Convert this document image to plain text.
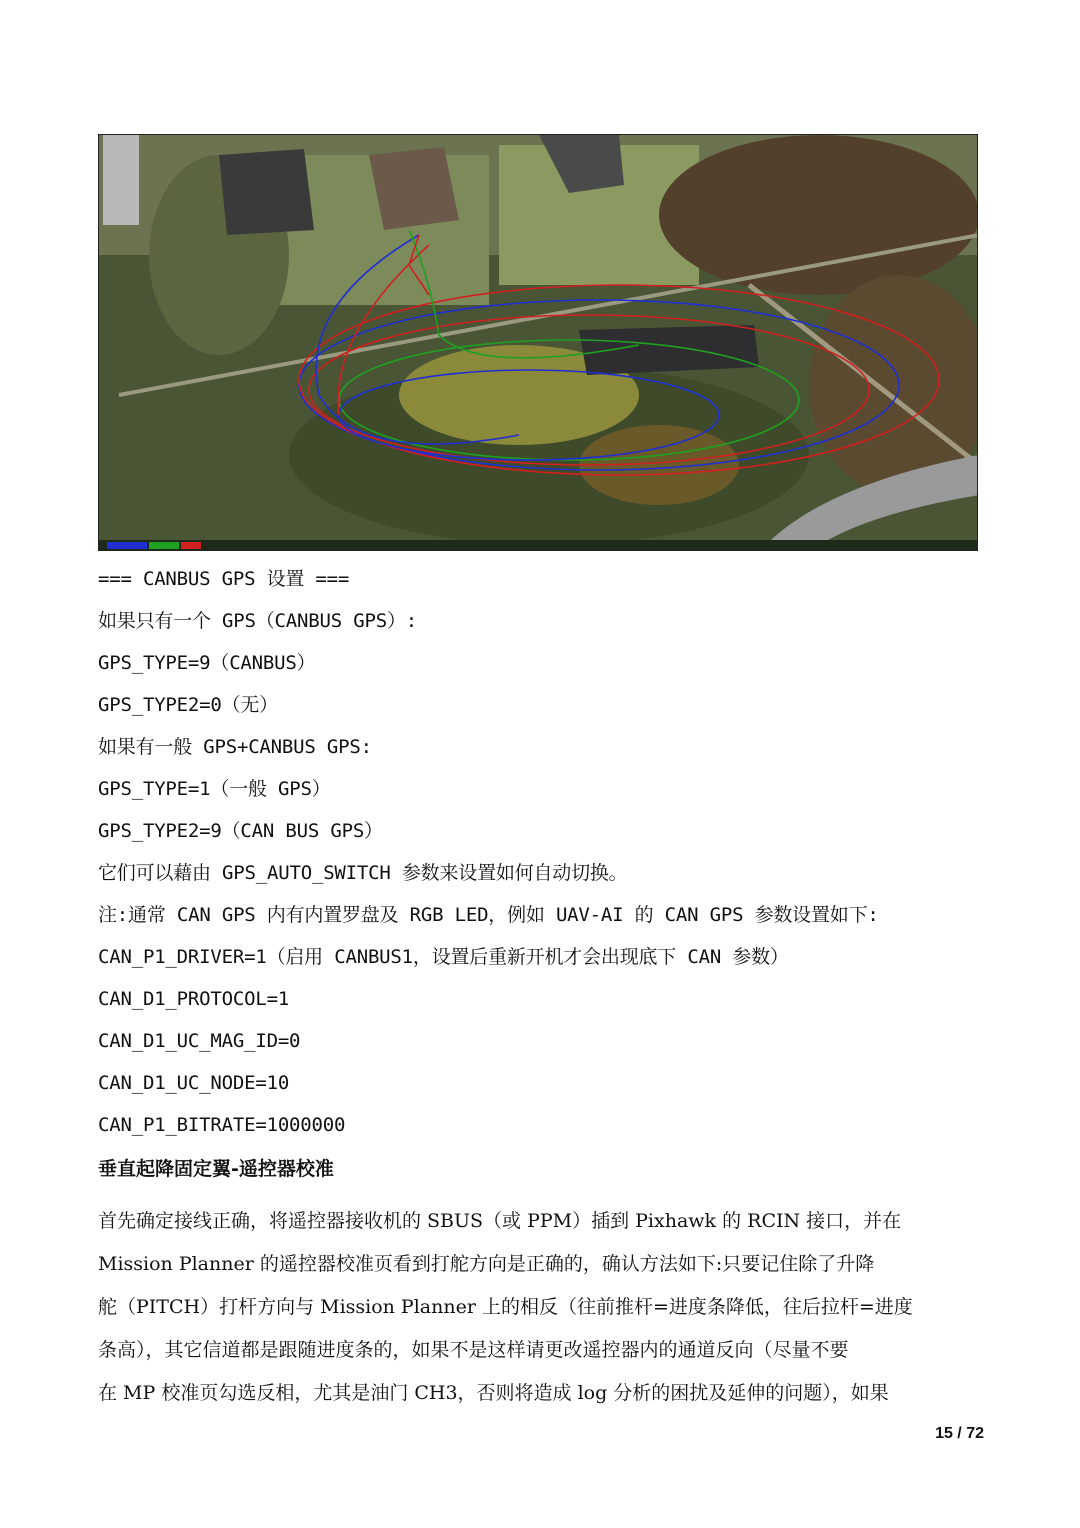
=== CANBUS GPS 设置 ===
如果只有一个 GPS（CANBUS GPS）:
GPS_TYPE=9（CANBUS）
GPS_TYPE2=0（无）
如果有一般 GPS+CANBUS GPS:
GPS_TYPE=1（一般 GPS）
GPS_TYPE2=9（CAN BUS GPS）
它们可以藉由 GPS_AUTO_SWITCH 参数来设置如何自动切换。
注:通常 CAN GPS 内有内置罗盘及 RGB LED，例如 UAV-AI 的 CAN GPS 参数设置如下:
CAN_P1_DRIVER=1（启用 CANBUS1，设置后重新开机才会出现底下 CAN 参数）
CAN_D1_PROTOCOL=1
CAN_D1_UC_MAG_ID=0
CAN_D1_UC_NODE=10
CAN_P1_BITRATE=1000000
垂直起降固定翼-遥控器校准
首先确定接线正确，将遥控器接收机的 SBUS（或 PPM）插到 Pixhawk 的 RCIN 接口，并在
Mission Planner 的遥控器校准页看到打舵方向是正确的，确认方法如下:只要记住除了升降
舵（PITCH）打杆方向与 Mission Planner 上的相反（往前推杆=进度条降低，往后拉杆=进度
条高），其它信道都是跟随进度条的，如果不是这样请更改遥控器内的通道反向（尽量不要
在 MP 校准页勾选反相，尤其是油门 CH3，否则将造成 log 分析的困扰及延伸的问题），如果
15 / 72
